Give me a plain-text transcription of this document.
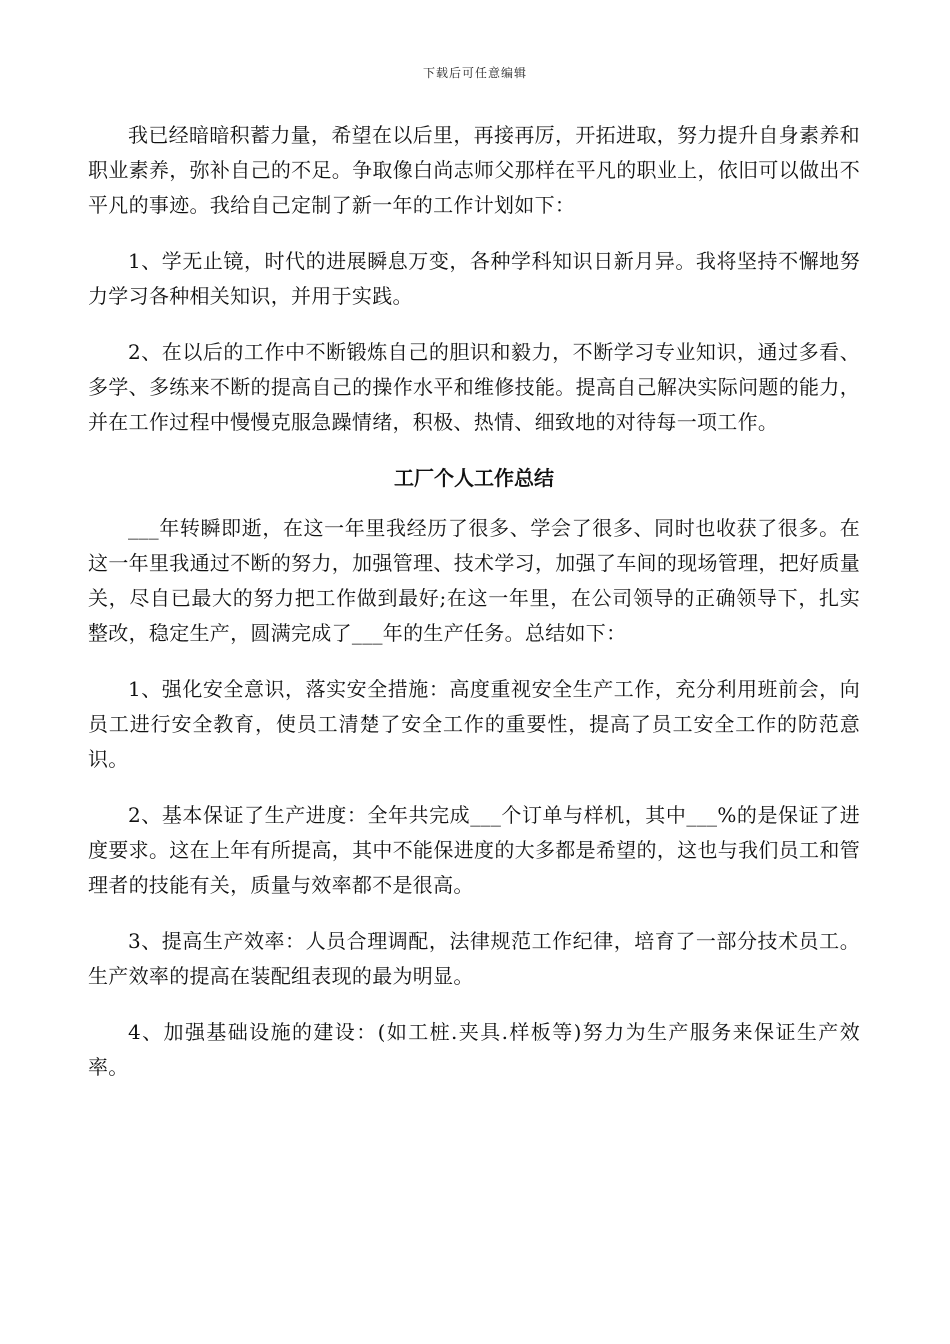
下载后可任意编辑

我已经暗暗积蓄力量，希望在以后里，再接再厉，开拓进取，努力提升自身素养和职业素养，弥补自己的不足。争取像白尚志师父那样在平凡的职业上，依旧可以做出不平凡的事迹。我给自己定制了新一年的工作计划如下：

1、学无止镜，时代的进展瞬息万变，各种学科知识日新月异。我将坚持不懈地努力学习各种相关知识，并用于实践。

2、在以后的工作中不断锻炼自己的胆识和毅力，不断学习专业知识，通过多看、多学、多练来不断的提高自己的操作水平和维修技能。提高自己解决实际问题的能力，并在工作过程中慢慢克服急躁情绪，积极、热情、细致地的对待每一项工作。

工厂个人工作总结

___年转瞬即逝，在这一年里我经历了很多、学会了很多、同时也收获了很多。在这一年里我通过不断的努力，加强管理、技术学习，加强了车间的现场管理，把好质量关，尽自已最大的努力把工作做到最好;在这一年里，在公司领导的正确领导下，扎实整改，稳定生产，圆满完成了___年的生产任务。总结如下：

1、强化安全意识，落实安全措施：高度重视安全生产工作，充分利用班前会，向员工进行安全教育，使员工清楚了安全工作的重要性，提高了员工安全工作的防范意识。

2、基本保证了生产进度：全年共完成___个订单与样机，其中___%的是保证了进度要求。这在上年有所提高，其中不能保进度的大多都是希望的，这也与我们员工和管理者的技能有关，质量与效率都不是很高。

3、提高生产效率：人员合理调配，法律规范工作纪律，培育了一部分技术员工。生产效率的提高在装配组表现的最为明显。

4、加强基础设施的建设：(如工桩.夹具.样板等)努力为生产服务来保证生产效率。
